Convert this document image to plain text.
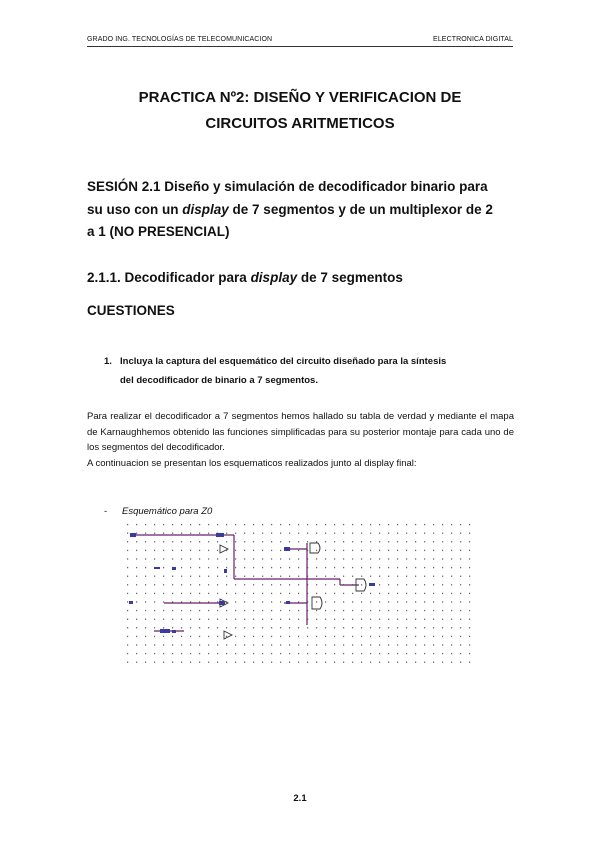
GRADO ING. TECNOLOGÍAS DE TELECOMUNICACION	ELECTRONICA DIGITAL
PRACTICA Nº2: DISEÑO Y VERIFICACION DE
CIRCUITOS ARITMETICOS
SESIÓN 2.1 Diseño y simulación de decodificador binario para
su uso con un display de 7 segmentos y de un multiplexor de 2
a 1 (NO PRESENCIAL)
2.1.1. Decodificador para display de 7 segmentos
CUESTIONES
1. Incluya la captura del esquemático del circuito diseñado para la síntesis
del decodificador de binario a 7 segmentos.

Para realizar el decodificador a 7 segmentos hemos hallado su tabla de verdad y mediante el mapa de Karnaughhemos obtenido las funciones simplificadas para su posterior montaje para cada uno de los segmentos del decodificador.

A continuacion se presentan los esquematicos realizados junto al display final:

- Esquemático para Z0
2.1
